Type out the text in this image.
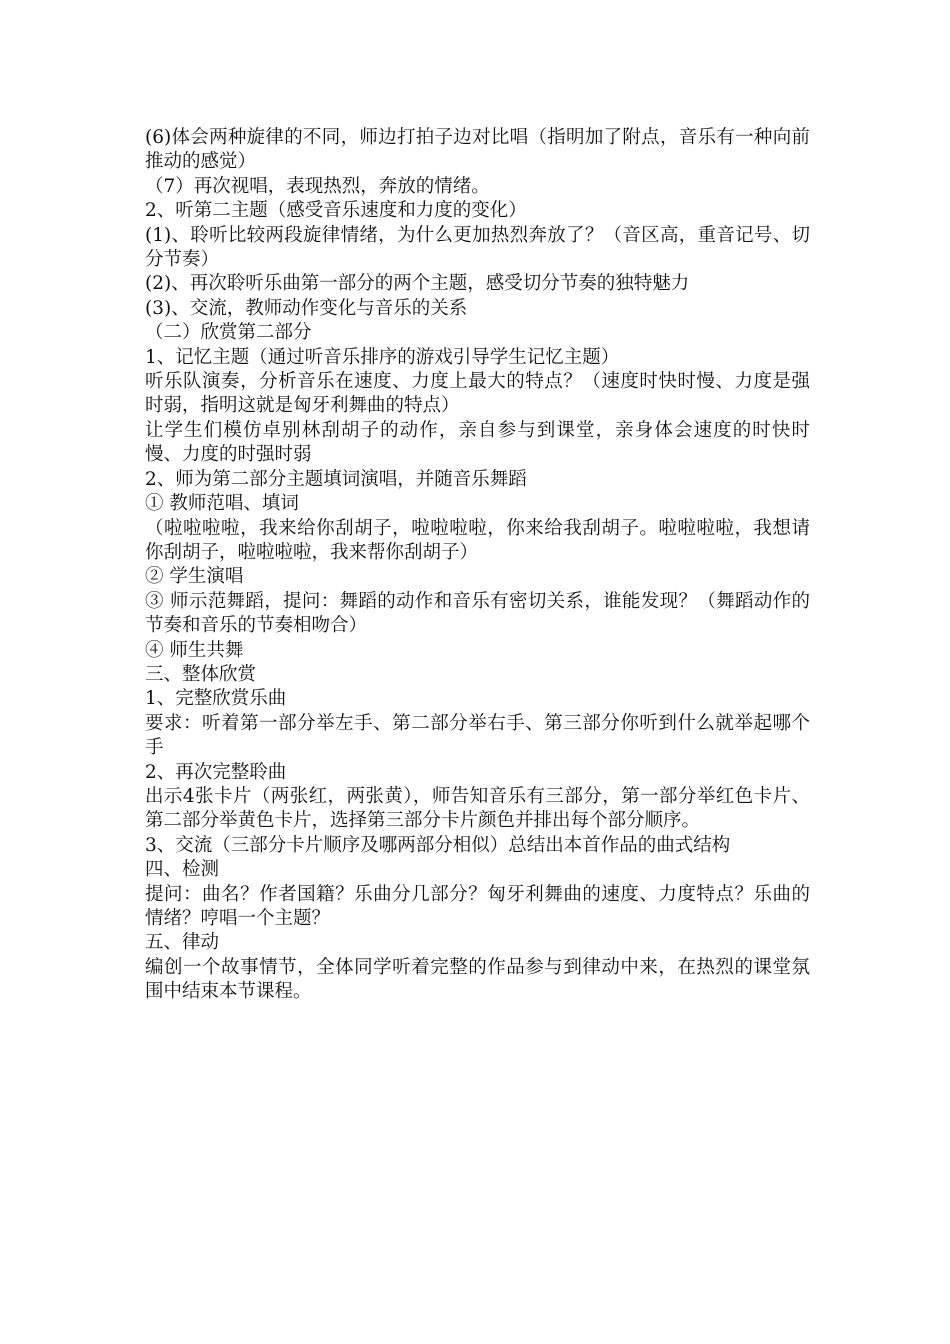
(6)体会两种旋律的不同，师边打拍子边对比唱（指明加了附点，音乐有一种向前推动的感觉）

（7）再次视唱，表现热烈，奔放的情绪。

2、听第二主题（感受音乐速度和力度的变化）

(1)、聆听比较两段旋律情绪，为什么更加热烈奔放了？（音区高，重音记号、切分节奏）

(2)、再次聆听乐曲第一部分的两个主题，感受切分节奏的独特魅力

(3)、交流，教师动作变化与音乐的关系

（二）欣赏第二部分

1、记忆主题（通过听音乐排序的游戏引导学生记忆主题）

听乐队演奏，分析音乐在速度、力度上最大的特点？（速度时快时慢、力度是强时弱，指明这就是匈牙利舞曲的特点）

让学生们模仿卓别林刮胡子的动作，亲自参与到课堂，亲身体会速度的时快时慢、力度的时强时弱

2、师为第二部分主题填词演唱，并随音乐舞蹈

① 教师范唱、填词

（啦啦啦啦，我来给你刮胡子，啦啦啦啦，你来给我刮胡子。啦啦啦啦，我想请你刮胡子，啦啦啦啦，我来帮你刮胡子）

② 学生演唱

③ 师示范舞蹈，提问：舞蹈的动作和音乐有密切关系，谁能发现？（舞蹈动作的节奏和音乐的节奏相吻合）

④ 师生共舞

三、整体欣赏

1、完整欣赏乐曲

要求：听着第一部分举左手、第二部分举右手、第三部分你听到什么就举起哪个手

2、再次完整聆曲

出示4张卡片（两张红，两张黄），师告知音乐有三部分，第一部分举红色卡片、第二部分举黄色卡片，选择第三部分卡片颜色并排出每个部分顺序。

3、交流（三部分卡片顺序及哪两部分相似）总结出本首作品的曲式结构

四、检测

提问：曲名？作者国籍？乐曲分几部分？匈牙利舞曲的速度、力度特点？乐曲的情绪？哼唱一个主题？

五、律动

编创一个故事情节，全体同学听着完整的作品参与到律动中来，在热烈的课堂氛围中结束本节课程。
